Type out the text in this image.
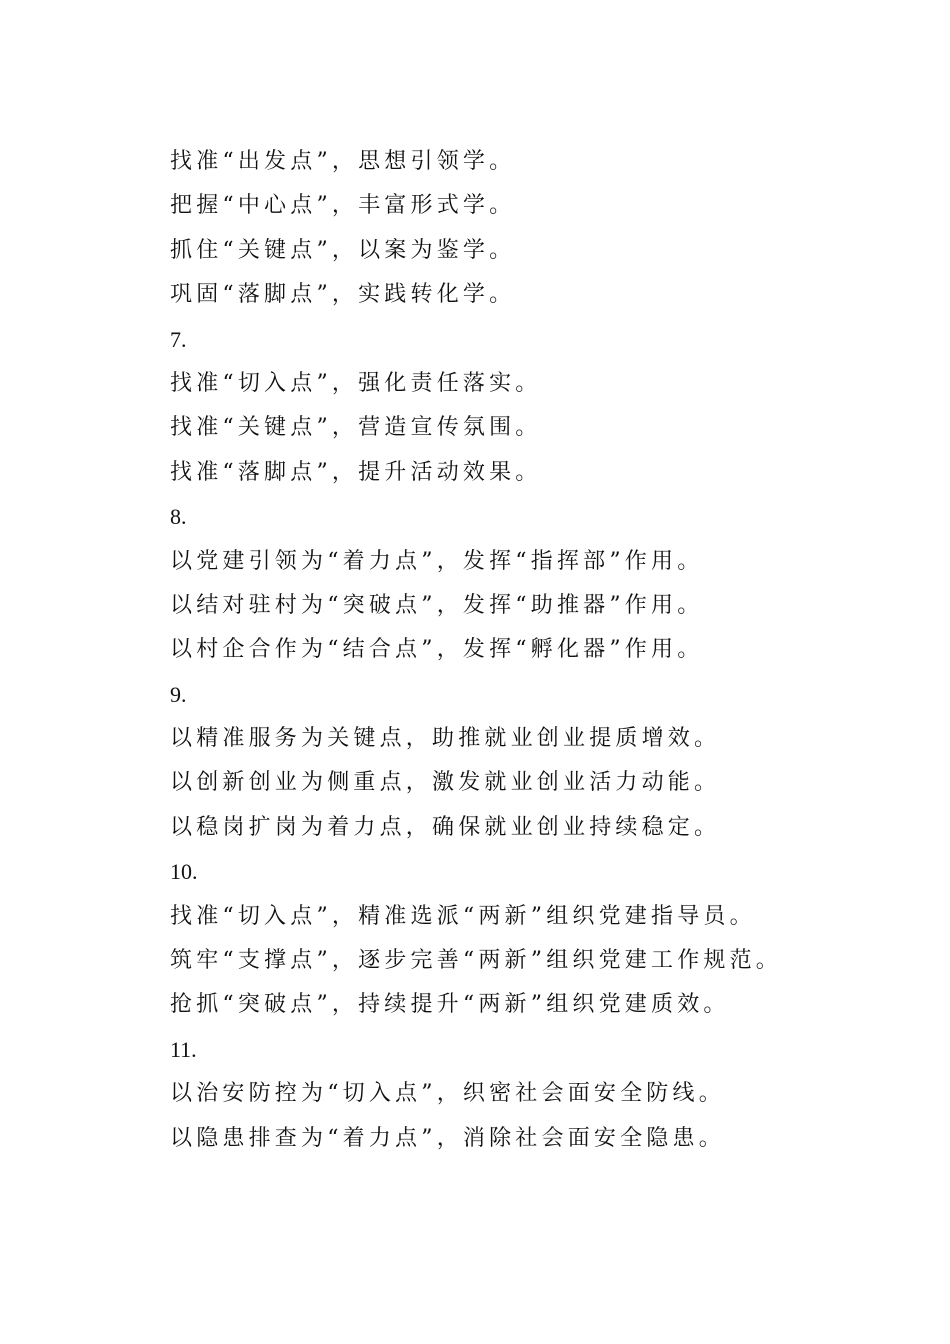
找准“出发点”，思想引领学。
把握“中心点”，丰富形式学。
抓住“关键点”，以案为鉴学。
巩固“落脚点”，实践转化学。
7.
找准“切入点”，强化责任落实。
找准“关键点”，营造宣传氛围。
找准“落脚点”，提升活动效果。
8.
以党建引领为“着力点”，发挥“指挥部”作用。
以结对驻村为“突破点”，发挥“助推器”作用。
以村企合作为“结合点”，发挥“孵化器”作用。
9.
以精准服务为关键点，助推就业创业提质增效。
以创新创业为侧重点，激发就业创业活力动能。
以稳岗扩岗为着力点，确保就业创业持续稳定。
10.
找准“切入点”，精准选派“两新”组织党建指导员。
筑牢“支撑点”，逐步完善“两新”组织党建工作规范。
抢抓“突破点”，持续提升“两新”组织党建质效。
11.
以治安防控为“切入点”，织密社会面安全防线。
以隐患排查为“着力点”，消除社会面安全隐患。
